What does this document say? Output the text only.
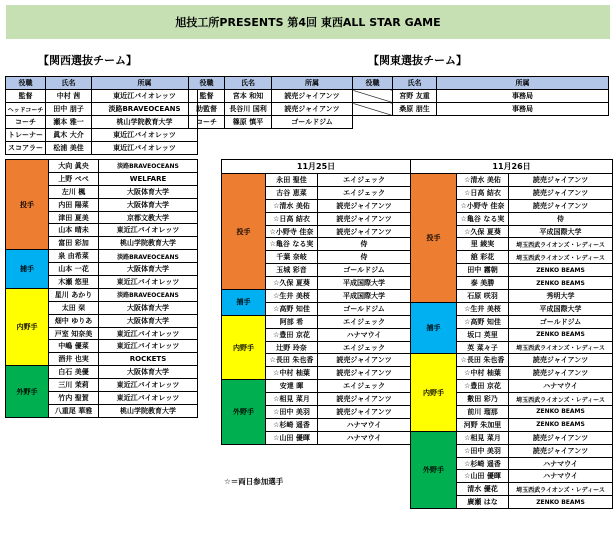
旭技工所PRESENTS 第4回 東西ALL STAR GAME
【関西選抜チーム】	【関東選抜チーム】
役職	氏名	所属
監督	中村 茜	東近江バイオレッツ
ヘッドコーチ	田中 朋子	淡路BRAVEOCEANS
コーチ	瀬本 雅一	桃山学院教育大学
トレーナー	眞木 大介	東近江バイオレッツ
スコアラー	松浦 美佳	東近江バイオレッツ
役職	氏名	所属
監督	宮本 和知	読売ジャイアンツ
助監督	長谷川 国利	読売ジャイアンツ
コーチ	篠原 慎平	ゴールドジム
役職	氏名	所属
	宮野 友重	事務局
	桑原 朋生	事務局
投手	大向 眞央	淡路BRAVEOCEANS
	上野 ぺぺ	WELFARE
	左川 楓	大阪体育大学
	内田 陽菜	大阪体育大学
	津田 夏美	京都文教大学
	山本 晴未	東近江バイオレッツ
	富田 彩加	桃山学院教育大学
捕手	泉 由希菜	淡路BRAVEOCEANS
	山本 一花	大阪体育大学
	木瀬 悠里	東近江バイオレッツ
内野手	星川 あかり	淡路BRAVEOCEANS
	太田 栞	大阪体育大学
	畑中 ゆりあ	大阪体育大学
	戸室 知奈美	東近江バイオレッツ
	中嶋 優菜	東近江バイオレッツ
	酒井 也実	ROCKETS
外野手	白石 美優	大阪体育大学
	三川 茉莉	東近江バイオレッツ
	竹内 聖賀	東近江バイオレッツ
	八重尾 華雅	桃山学院教育大学
11月25日		
投手	永田 聖佳	エイジェック
	古谷 恵菜	エイジェック
	☆清水 美佑	読売ジャイアンツ
	☆日高 結衣	読売ジャイアンツ
	☆小野寺 佳奈	読売ジャイアンツ
	☆亀谷 なる実	侍
	千葉 奈岐	侍
	玉城 彩音	ゴールドジム
	☆久保 夏葵	平成国際大学
捕手	☆生井 美桜	平成国際大学
	☆高野 知佳	ゴールドジム
内野手	阿部 希	エイジェック
	☆豊田 京花	ハナマウイ
	辻野 玲奈	エイジェック
	☆長田 朱也香	読売ジャイアンツ
	☆中村 柚葉	読売ジャイアンツ
外野手	安達 暉	エイジェック
	☆相見 菜月	読売ジャイアンツ
	☆田中 美羽	読売ジャイアンツ
	☆杉崎 遥香	ハナマウイ
	☆山田 優暉	ハナマウイ
11月26日		
投手	☆清水 美佑	読売ジャイアンツ
	☆日高 結衣	読売ジャイアンツ
	☆小野寺 佳奈	読売ジャイアンツ
	☆亀谷 なる実	侍
	☆久保 夏葵	平成国際大学
	里 綾実	埼玉西武ライオンズ・レディース
	舘 彩花	埼玉西武ライオンズ・レディース
	田中 霧朝	ZENKO BEAMS
	泰 美勝	ZENKO BEAMS
	石原 咲羽	秀明大学
捕手	☆生井 美桜	平成国際大学
	☆高野 知佳	ゴールドジム
	坂口 英里	ZENKO BEAMS
	英 菜々子	埼玉西武ライオンズ・レディース
内野手	☆長田 朱也香	読売ジャイアンツ
	☆中村 柚葉	読売ジャイアンツ
	☆豊田 京花	ハナマウイ
	數田 彩乃	埼玉西武ライオンズ・レディース
	前川 瑠那	ZENKO BEAMS
	河野 朱加里	ZENKO BEAMS
外野手	☆相見 菜月	読売ジャイアンツ
	☆田中 美羽	読売ジャイアンツ
	☆杉崎 遥香	ハナマウイ
	☆山田 優暉	ハナマウイ
	清水 優花	埼玉西武ライオンズ・レディース
	廣瀬 はな	ZENKO BEAMS
☆＝両日参加選手
